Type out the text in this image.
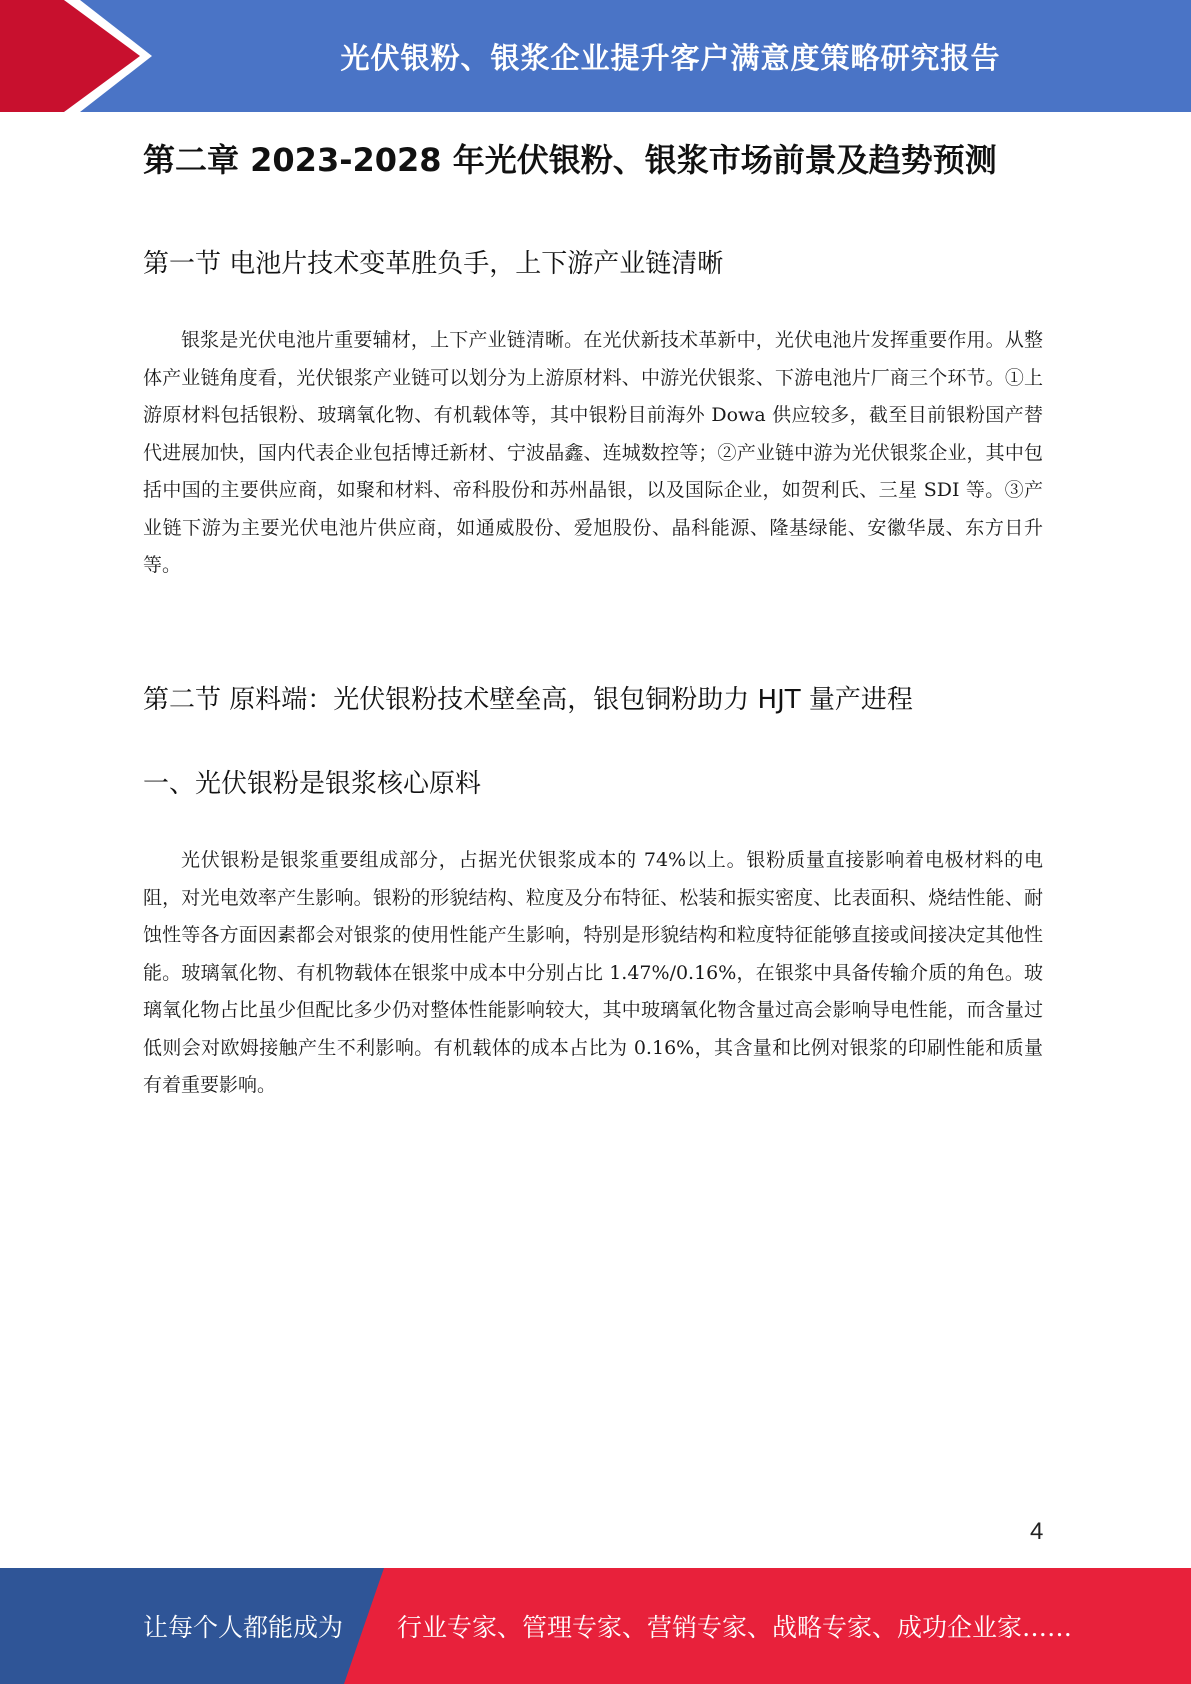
光伏银粉、银浆企业提升客户满意度策略研究报告
第二章 2023-2028 年光伏银粉、银浆市场前景及趋势预测
第一节 电池片技术变革胜负手，上下游产业链清晰
银浆是光伏电池片重要辅材，上下产业链清晰。在光伏新技术革新中，光伏电池片发挥重要作用。从整体产业链角度看，光伏银浆产业链可以划分为上游原材料、中游光伏银浆、下游电池片厂商三个环节。①上游原材料包括银粉、玻璃氧化物、有机载体等，其中银粉目前海外 Dowa 供应较多，截至目前银粉国产替代进展加快，国内代表企业包括博迁新材、宁波晶鑫、连城数控等；②产业链中游为光伏银浆企业，其中包括中国的主要供应商，如聚和材料、帝科股份和苏州晶银，以及国际企业，如贺利氏、三星 SDI 等。③产业链下游为主要光伏电池片供应商，如通威股份、爱旭股份、晶科能源、隆基绿能、安徽华晟、东方日升等。
第二节 原料端：光伏银粉技术壁垒高，银包铜粉助力 HJT 量产进程
一、光伏银粉是银浆核心原料
光伏银粉是银浆重要组成部分，占据光伏银浆成本的 74%以上。银粉质量直接影响着电极材料的电阻，对光电效率产生影响。银粉的形貌结构、粒度及分布特征、松装和振实密度、比表面积、烧结性能、耐蚀性等各方面因素都会对银浆的使用性能产生影响，特别是形貌结构和粒度特征能够直接或间接决定其他性能。玻璃氧化物、有机物载体在银浆中成本中分别占比 1.47%/0.16%，在银浆中具备传输介质的角色。玻璃氧化物占比虽少但配比多少仍对整体性能影响较大，其中玻璃氧化物含量过高会影响导电性能，而含量过低则会对欧姆接触产生不利影响。有机载体的成本占比为 0.16%，其含量和比例对银浆的印刷性能和质量有着重要影响。
4
让每个人都能成为 行业专家、管理专家、营销专家、战略专家、成功企业家……
